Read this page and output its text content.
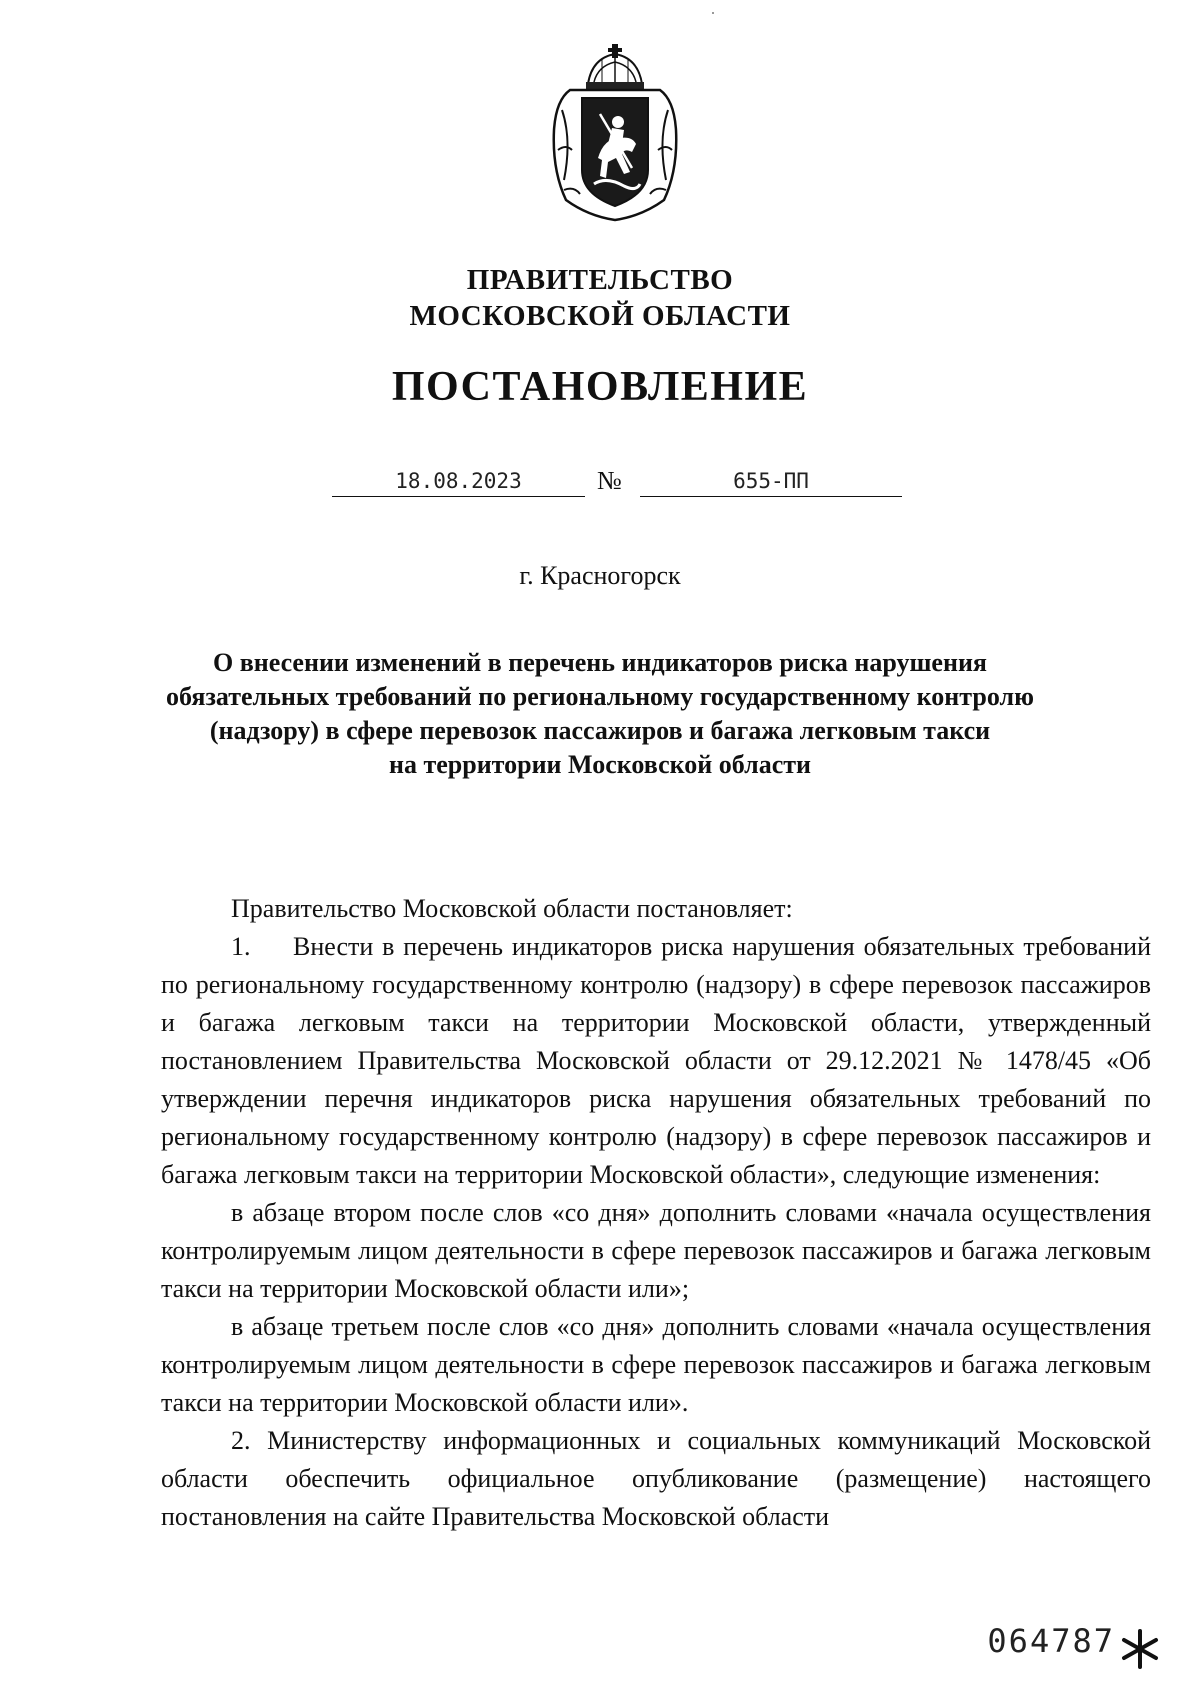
ПРАВИТЕЛЬСТВО
МОСКОВСКОЙ ОБЛАСТИ
ПОСТАНОВЛЕНИЕ
18.08.2023	№	655-ПП
г. Красногорск
О внесении изменений в перечень индикаторов риска нарушения
обязательных требований по региональному государственному контролю
(надзору) в сфере перевозок пассажиров и багажа легковым такси
на территории Московской области

Правительство Московской области постановляет:

1. Внести в перечень индикаторов риска нарушения обязательных требований по региональному государственному контролю (надзору) в сфере перевозок пассажиров и багажа легковым такси на территории Московской области, утвержденный постановлением Правительства Московской области от 29.12.2021 № 1478/45 «Об утверждении перечня индикаторов риска нарушения обязательных требований по региональному государственному контролю (надзору) в сфере перевозок пассажиров и багажа легковым такси на территории Московской области», следующие изменения:

в абзаце втором после слов «со дня» дополнить словами «начала осуществления контролируемым лицом деятельности в сфере перевозок пассажиров и багажа легковым такси на территории Московской области или»;

в абзаце третьем после слов «со дня» дополнить словами «начала осуществления контролируемым лицом деятельности в сфере перевозок пассажиров и багажа легковым такси на территории Московской области или».

2. Министерству информационных и социальных коммуникаций Московской области обеспечить официальное опубликование (размещение) настоящего постановления на сайте Правительства Московской области

064787
